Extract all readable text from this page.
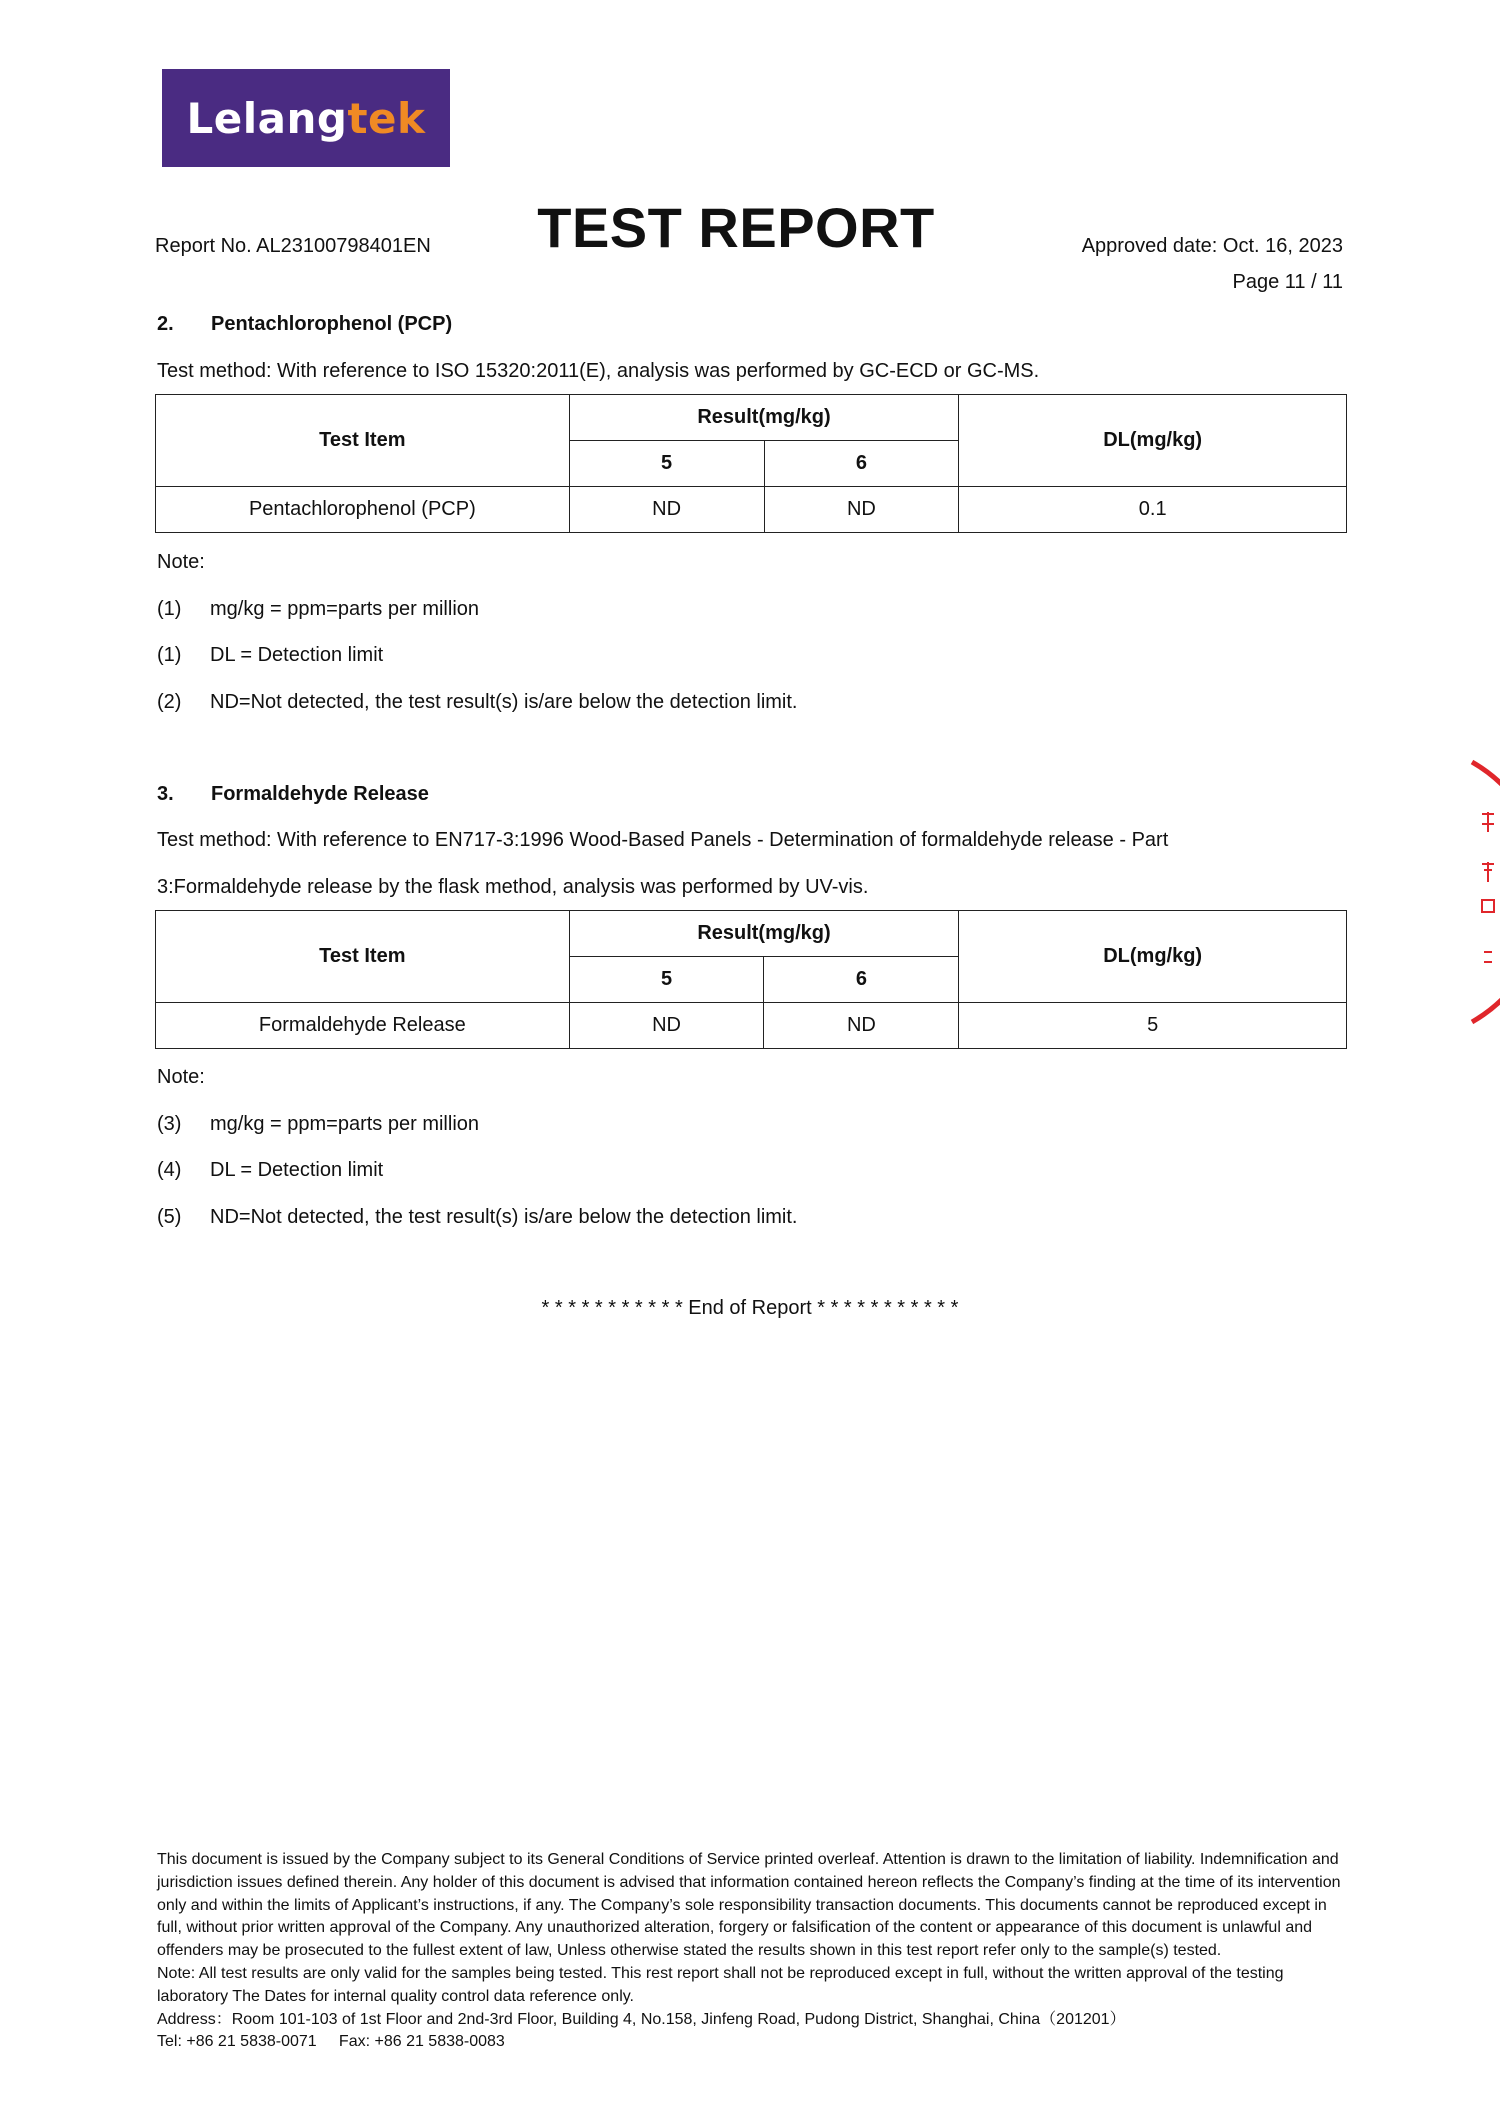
Lelangtek
TEST REPORT
Report No. AL23100798401EN	Approved date: Oct. 16, 2023
Page 11 / 11
2. Pentachlorophenol (PCP)
Test method: With reference to ISO 15320:2011(E), analysis was performed by GC-ECD or GC-MS.
Test Item	Result(mg/kg)		DL(mg/kg)
	5	6	
Pentachlorophenol (PCP)	ND	ND	0.1
Note:
(1) mg/kg = ppm=parts per million
(1) DL = Detection limit
(2) ND=Not detected, the test result(s) is/are below the detection limit.
3. Formaldehyde Release
Test method: With reference to EN717-3:1996 Wood-Based Panels - Determination of formaldehyde release - Part
3:Formaldehyde release by the flask method, analysis was performed by UV-vis.
Test Item	Result(mg/kg)		DL(mg/kg)
	5	6	
Formaldehyde Release	ND	ND	5
Note:
(3) mg/kg = ppm=parts per million
(4) DL = Detection limit
(5) ND=Not detected, the test result(s) is/are below the detection limit.
* * * * * * * * * * * End of Report * * * * * * * * * * *

This document is issued by the Company subject to its General Conditions of Service printed overleaf. Attention is drawn to the limitation of liability. Indemnification and jurisdiction issues defined therein. Any holder of this document is advised that information contained hereon reflects the Company’s finding at the time of its intervention only and within the limits of Applicant’s instructions, if any. The Company’s sole responsibility transaction documents. This documents cannot be reproduced except in full, without prior written approval of the Company. Any unauthorized alteration, forgery or falsification of the content or appearance of this document is unlawful and offenders may be prosecuted to the fullest extent of law, Unless otherwise stated the results shown in this test report refer only to the sample(s) tested.

Note: All test results are only valid for the samples being tested. This rest report shall not be reproduced except in full, without the written approval of the testing laboratory The Dates for internal quality control data reference only.

Address：Room 101-103 of 1st Floor and 2nd-3rd Floor, Building 4, No.158, Jinfeng Road, Pudong District, Shanghai, China（201201）

Tel: +86 21 5838-0071     Fax: +86 21 5838-0083
